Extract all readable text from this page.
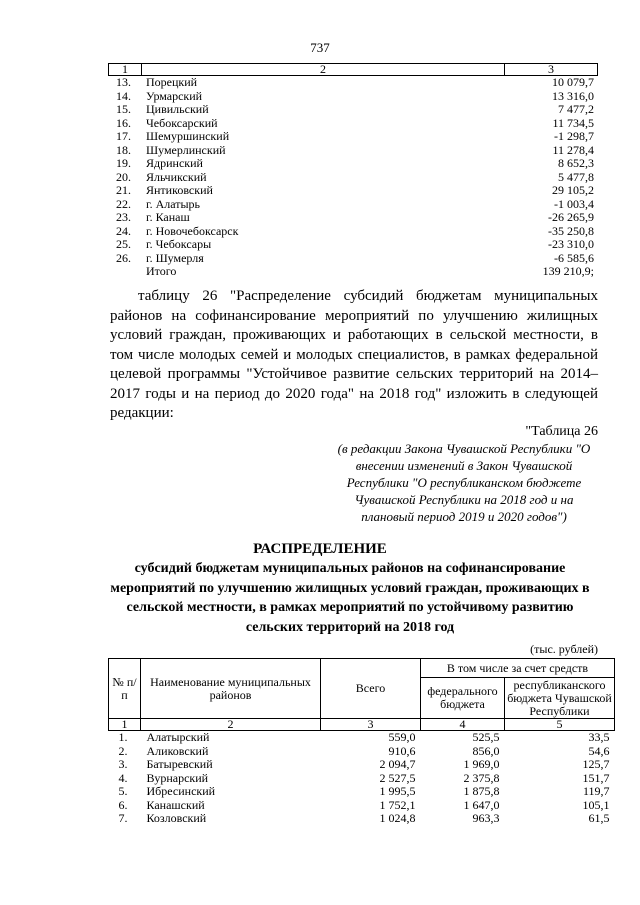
737
1	2	3
13.	Порецкий	10 079,7
14.	Урмарский	13 316,0
15.	Цивильский	7 477,2
16.	Чебоксарский	11 734,5
17.	Шемуршинский	-1 298,7
18.	Шумерлинский	11 278,4
19.	Ядринский	8 652,3
20.	Яльчикский	5 477,8
21.	Янтиковский	29 105,2
22.	г. Алатырь	-1 003,4
23.	г. Канаш	-26 265,9
24.	г. Новочебоксарск	-35 250,8
25.	г. Чебоксары	-23 310,0
26.	г. Шумерля	-6 585,6
Итого	139 210,9;
таблицу 26 "Распределение субсидий бюджетам муниципальных районов на софинансирование мероприятий по улучшению жилищных условий граждан, проживающих и работающих в сельской местности, в том числе молодых семей и молодых специалистов, в рамках федеральной целевой программы "Устойчивое развитие сельских территорий на 2014–2017 годы и на период до 2020 года" на 2018 год" изложить в следующей редакции:
"Таблица 26
(в редакции Закона Чувашской Республики "О внесении изменений в Закон Чувашской Республики "О республиканском бюджете Чувашской Республики на 2018 год и на плановый период 2019 и 2020 годов")
РАСПРЕДЕЛЕНИЕ
субсидий бюджетам муниципальных районов на софинансирование мероприятий по улучшению жилищных условий граждан, проживающих в сельской местности, в рамках мероприятий по устойчивому развитию сельских территорий на 2018 год
(тыс. рублей)
№ п/п	Наименование муниципальных районов	Всего	В том числе за счет средств	
			федерального бюджета	республиканского бюджета Чувашской Республики
1	2	3	4	5
1.	Алатырский	559,0	525,5	33,5
2.	Аликовский	910,6	856,0	54,6
3.	Батыревский	2 094,7	1 969,0	125,7
4.	Вурнарский	2 527,5	2 375,8	151,7
5.	Ибресинский	1 995,5	1 875,8	119,7
6.	Канашский	1 752,1	1 647,0	105,1
7.	Козловский	1 024,8	963,3	61,5
